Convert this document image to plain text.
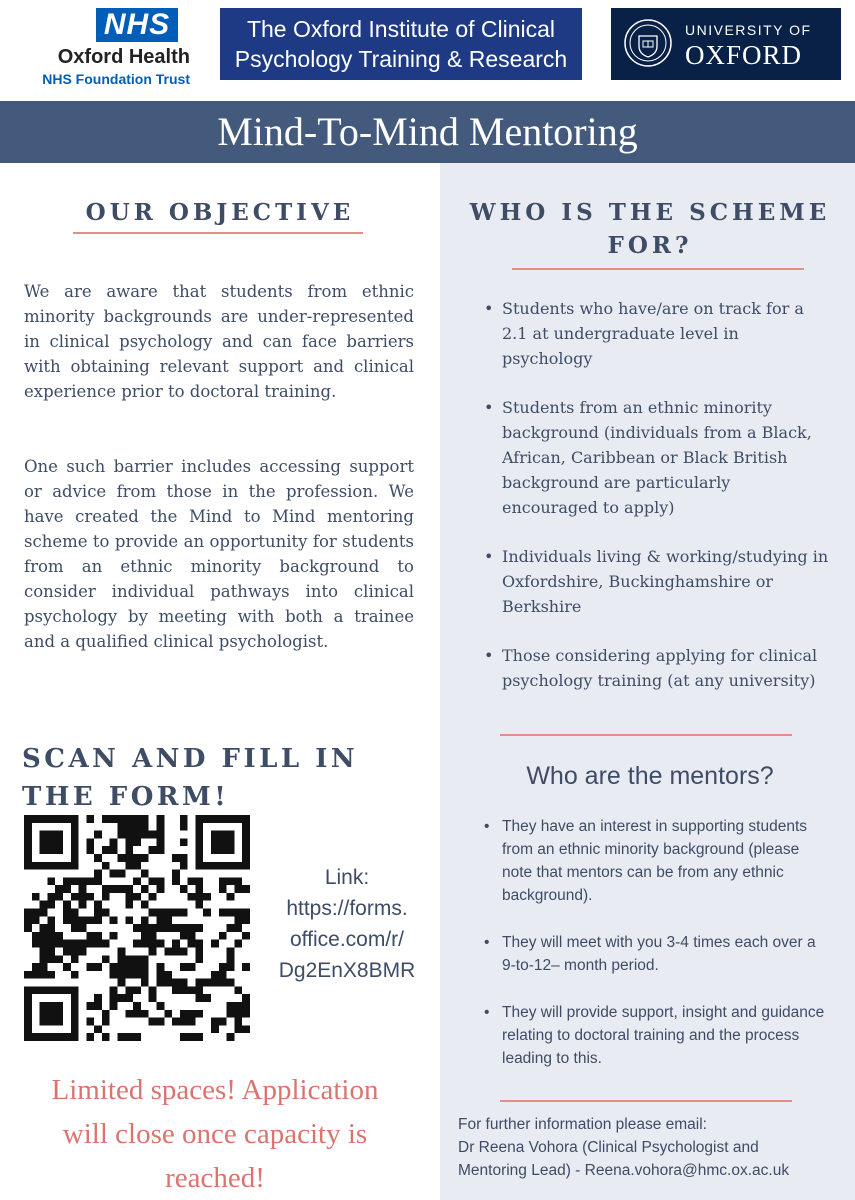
NHS
Oxford Health
NHS Foundation Trust
The Oxford Institute of Clinical
Psychology Training & Research
UNIVERSITY OF
OXFORD
Mind-To-Mind Mentoring
OUR OBJECTIVE

We are aware that students from ethnic minority backgrounds are under-represented in clinical psychology and can face barriers with obtaining relevant support and clinical experience prior to doctoral training.

One such barrier includes accessing support or advice from those in the profession. We have created the Mind to Mind mentoring scheme to provide an opportunity for students from an ethnic minority background to consider individual pathways into clinical psychology by meeting with both a trainee and a qualified clinical psychologist.

SCAN AND FILL IN
THE FORM!
Link:
https://forms.
office.com/r/
Dg2EnX8BMR
Limited spaces! Application
will close once capacity is
reached!
WHO IS THE SCHEME
FOR?
• Students who have/are on track for a 2.1 at undergraduate level in psychology
• Students from an ethnic minority background (individuals from a Black, African, Caribbean or Black British background are particularly encouraged to apply)
• Individuals living & working/studying in Oxfordshire, Buckinghamshire or Berkshire
• Those considering applying for clinical psychology training (at any university)
Who are the mentors?
• They have an interest in supporting students from an ethnic minority background (please note that mentors can be from any ethnic background).
• They will meet with you 3-4 times each over a 9-to-12– month period.
• They will provide support, insight and guidance relating to doctoral training and the process leading to this.
For further information please email:
Dr Reena Vohora (Clinical Psychologist and
Mentoring Lead) - Reena.vohora@hmc.ox.ac.uk
